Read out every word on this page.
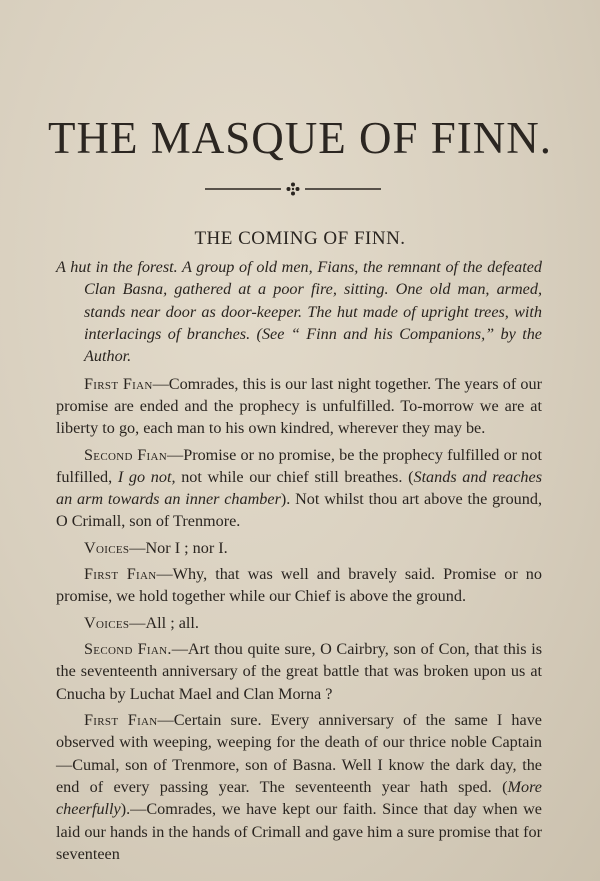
THE MASQUE OF FINN.
THE COMING OF FINN.

A hut in the forest. A group of old men, Fians, the remnant of the defeated Clan Basna, gathered at a poor fire, sitting. One old man, armed, stands near door as door-keeper. The hut made of upright trees, with interlacings of branches. (See “ Finn and his Companions,” by the Author.

First Fian—Comrades, this is our last night together. The years of our promise are ended and the prophecy is unfulfilled. To-morrow we are at liberty to go, each man to his own kindred, wherever they may be.

Second Fian—Promise or no promise, be the prophecy fulfilled or not fulfilled, I go not, not while our chief still breathes. (Stands and reaches an arm towards an inner chamber). Not whilst thou art above the ground, O Crimall, son of Trenmore.

Voices—Nor I ; nor I.

First Fian—Why, that was well and bravely said. Promise or no promise, we hold together while our Chief is above the ground.

Voices—All ; all.

Second Fian.—Art thou quite sure, O Cairbry, son of Con, that this is the seventeenth anniversary of the great battle that was broken upon us at Cnucha by Luchat Mael and Clan Morna ?

First Fian—Certain sure. Every anniversary of the same I have observed with weeping, weeping for the death of our thrice noble Captain—Cumal, son of Trenmore, son of Basna. Well I know the dark day, the end of every passing year. The seventeenth year hath sped. (More cheerfully).—Comrades, we have kept our faith. Since that day when we laid our hands in the hands of Crimall and gave him a sure promise that for seventeen
